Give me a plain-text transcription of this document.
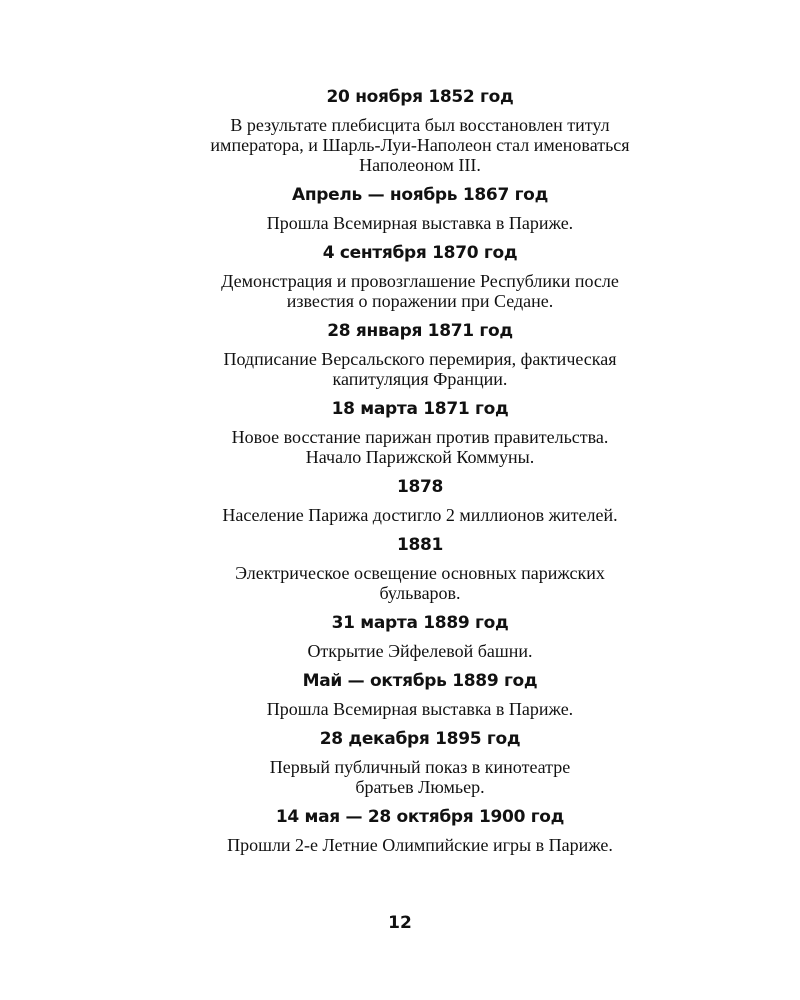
20 ноября 1852 год
В результате плебисцита был восстановлен титул
императора, и Шарль-Луи-Наполеон стал именоваться
Наполеоном III.
Апрель — ноябрь 1867 год
Прошла Всемирная выставка в Париже.
4 сентября 1870 год
Демонстрация и провозглашение Республики после
известия о поражении при Седане.
28 января 1871 год
Подписание Версальского перемирия, фактическая
капитуляция Франции.
18 марта 1871 год
Новое восстание парижан против правительства.
Начало Парижской Коммуны.
1878
Население Парижа достигло 2 миллионов жителей.
1881
Электрическое освещение основных парижских
бульваров.
31 марта 1889 год
Открытие Эйфелевой башни.
Май — октябрь 1889 год
Прошла Всемирная выставка в Париже.
28 декабря 1895 год
Первый публичный показ в кинотеатре
братьев Люмьер.
14 мая — 28 октября 1900 год
Прошли 2-е Летние Олимпийские игры в Париже.
12
